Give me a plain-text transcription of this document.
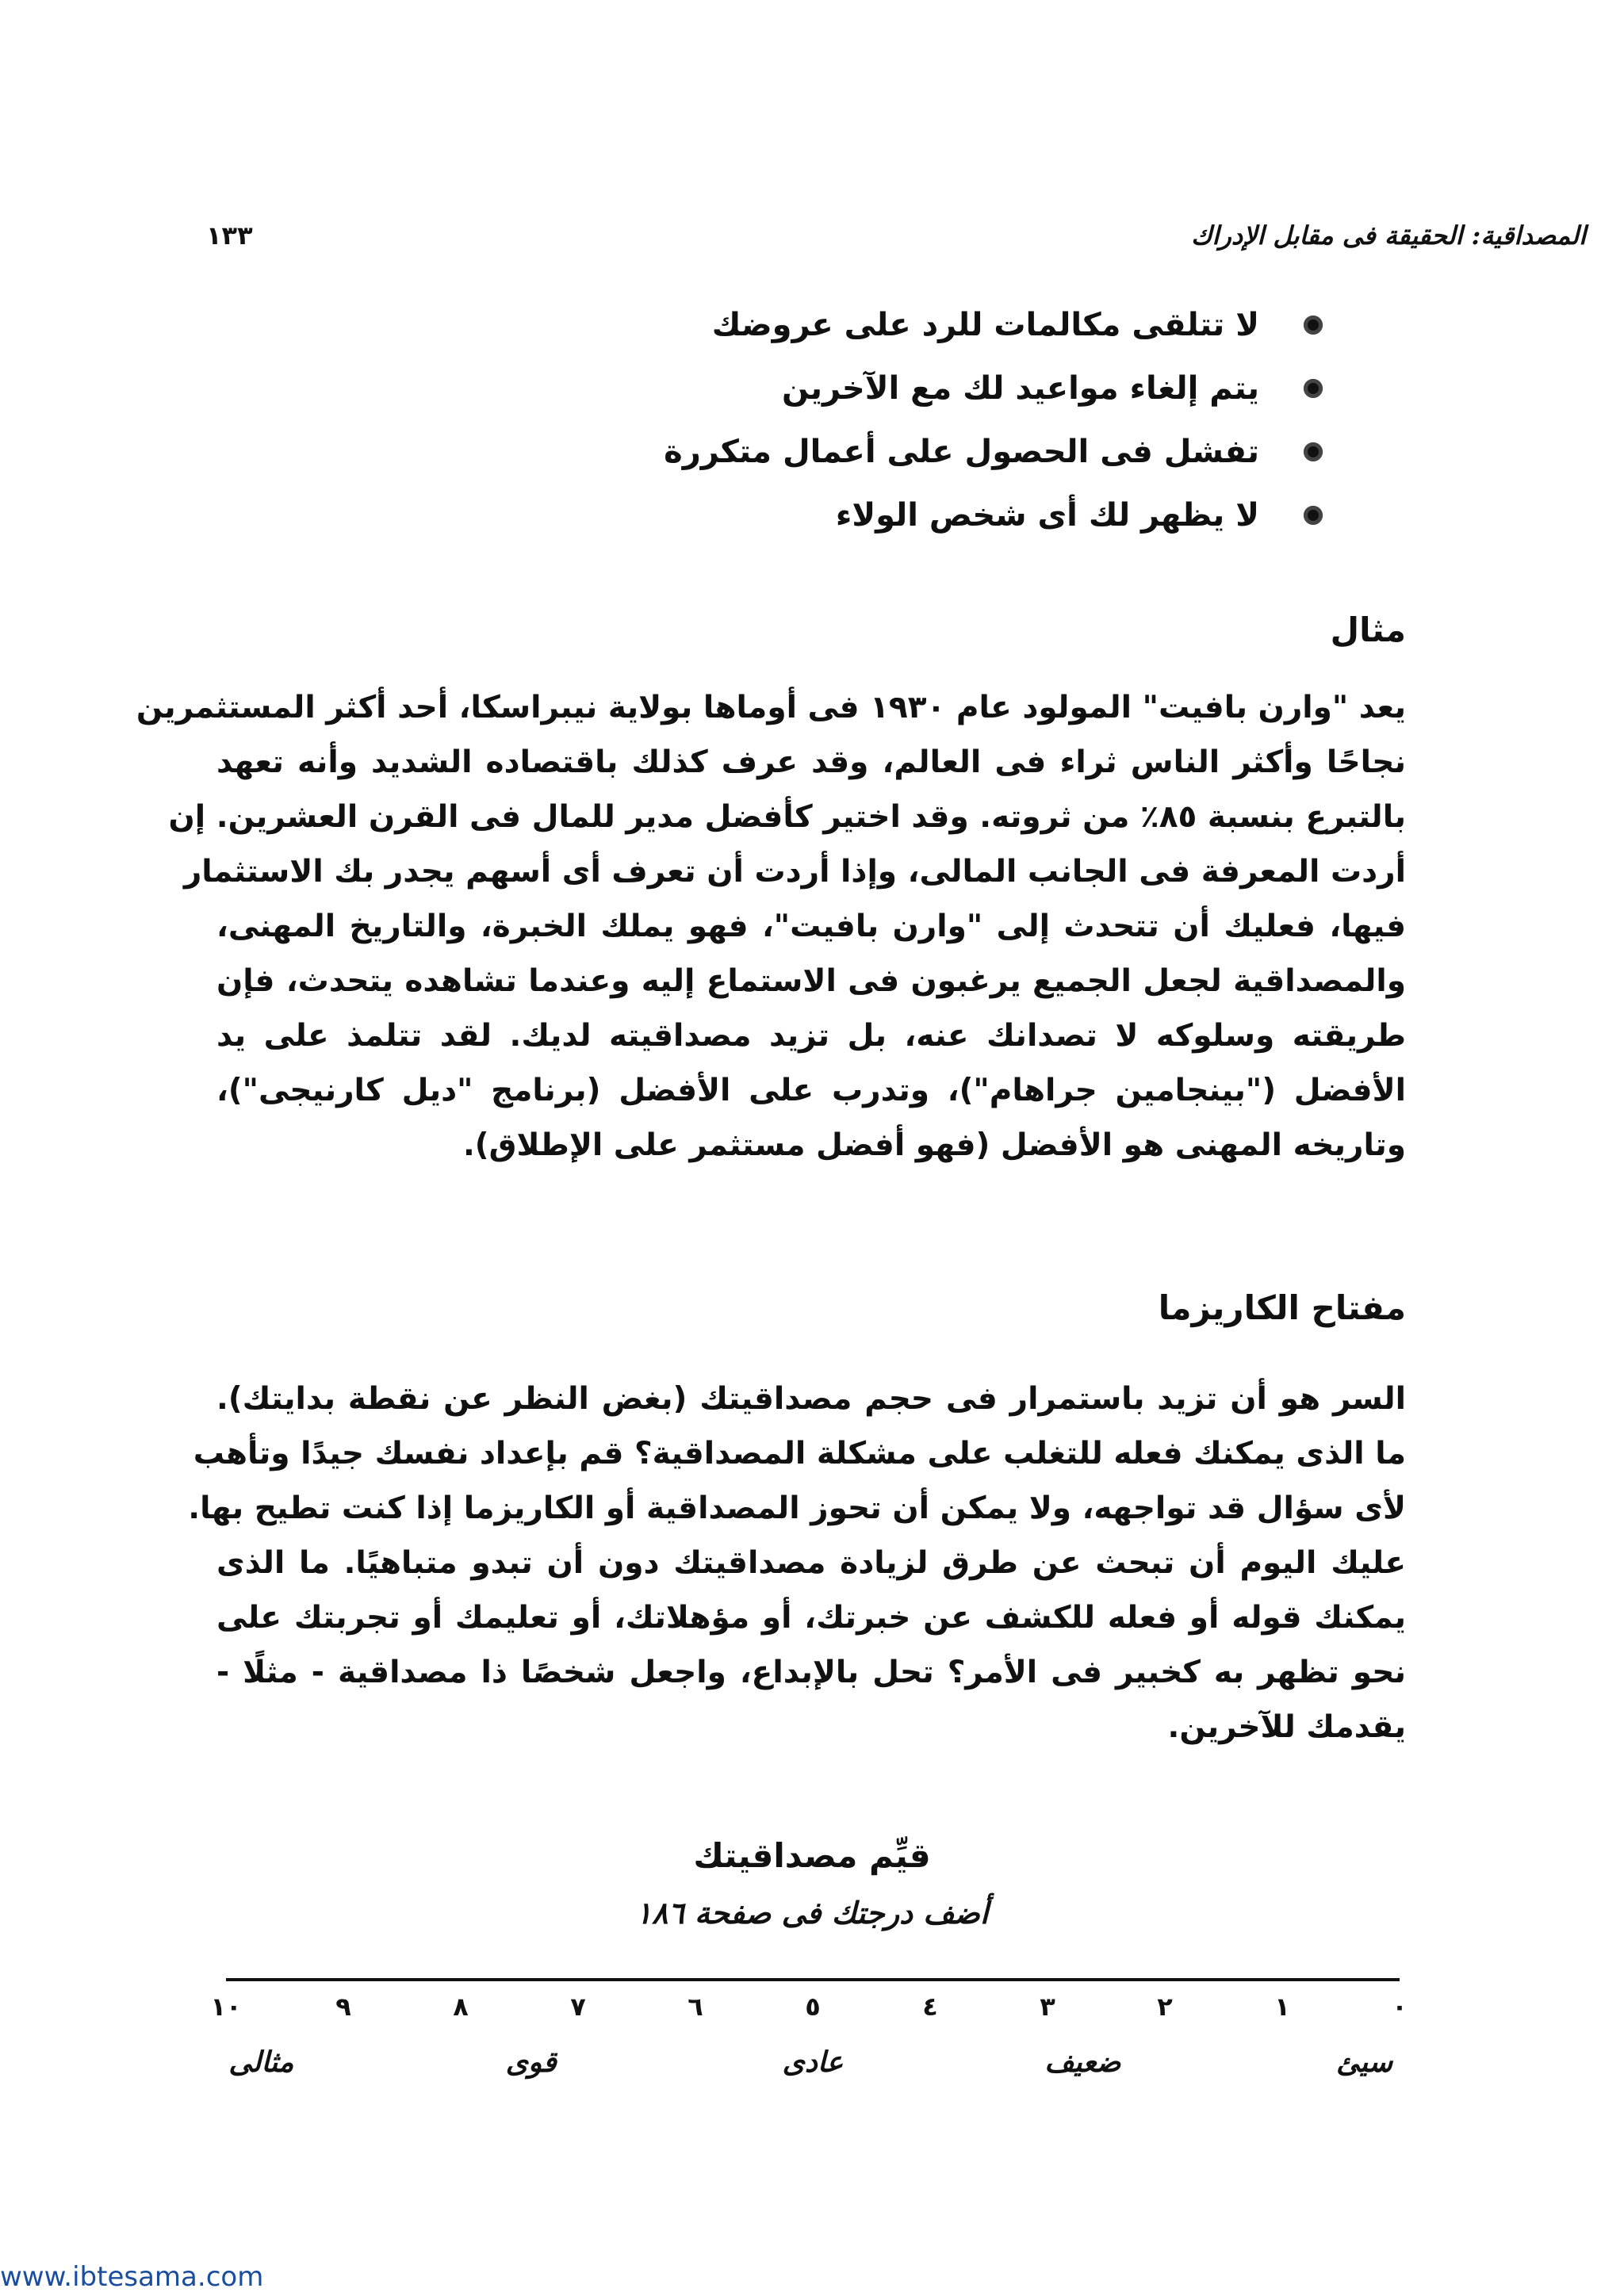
المصداقية: الحقيقة فى مقابل الإدراك
١٣٣
لا تتلقى مكالمات للرد على عروضك
يتم إلغاء مواعيد لك مع الآخرين
تفشل فى الحصول على أعمال متكررة
لا يظهر لك أى شخص الولاء
مثال

يعد "وارن بافيت" المولود عام ١٩٣٠ فى أوماها بولاية نيبراسكا، أحد أكثر المستثمرين
نجاحًا وأكثر الناس ثراء فى العالم، وقد عرف كذلك باقتصاده الشديد وأنه تعهد
بالتبرع بنسبة ٨٥٪ من ثروته. وقد اختير كأفضل مدير للمال فى القرن العشرين. إن
أردت المعرفة فى الجانب المالى، وإذا أردت أن تعرف أى أسهم يجدر بك الاستثمار
فيها، فعليك أن تتحدث إلى "وارن بافيت"، فهو يملك الخبرة، والتاريخ المهنى،
والمصداقية لجعل الجميع يرغبون فى الاستماع إليه وعندما تشاهده يتحدث، فإن
طريقته وسلوكه لا تصدانك عنه، بل تزيد مصداقيته لديك. لقد تتلمذ على يد
الأفضل ("بينجامين جراهام")، وتدرب على الأفضل (برنامج "ديل كارنيجى")،
وتاريخه المهنى هو الأفضل (فهو أفضل مستثمر على الإطلاق).

مفتاح الكاريزما

السر هو أن تزيد باستمرار فى حجم مصداقيتك (بغض النظر عن نقطة بدايتك).
ما الذى يمكنك فعله للتغلب على مشكلة المصداقية؟ قم بإعداد نفسك جيدًا وتأهب
لأى سؤال قد تواجهه، ولا يمكن أن تحوز المصداقية أو الكاريزما إذا كنت تطيح بها.
عليك اليوم أن تبحث عن طرق لزيادة مصداقيتك دون أن تبدو متباهيًا. ما الذى
يمكنك قوله أو فعله للكشف عن خبرتك، أو مؤهلاتك، أو تعليمك أو تجربتك على
نحو تظهر به كخبير فى الأمر؟ تحل بالإبداع، واجعل شخصًا ذا مصداقية - مثلًا -
يقدمك للآخرين.

قيِّم مصداقيتك
أضف درجتك فى صفحة ١٨٦
٠
١
٢
٣
٤
٥
٦
٧
٨
٩
١٠
سيئ
ضعيف
عادى
قوى
مثالى
www.ibtesama.com
